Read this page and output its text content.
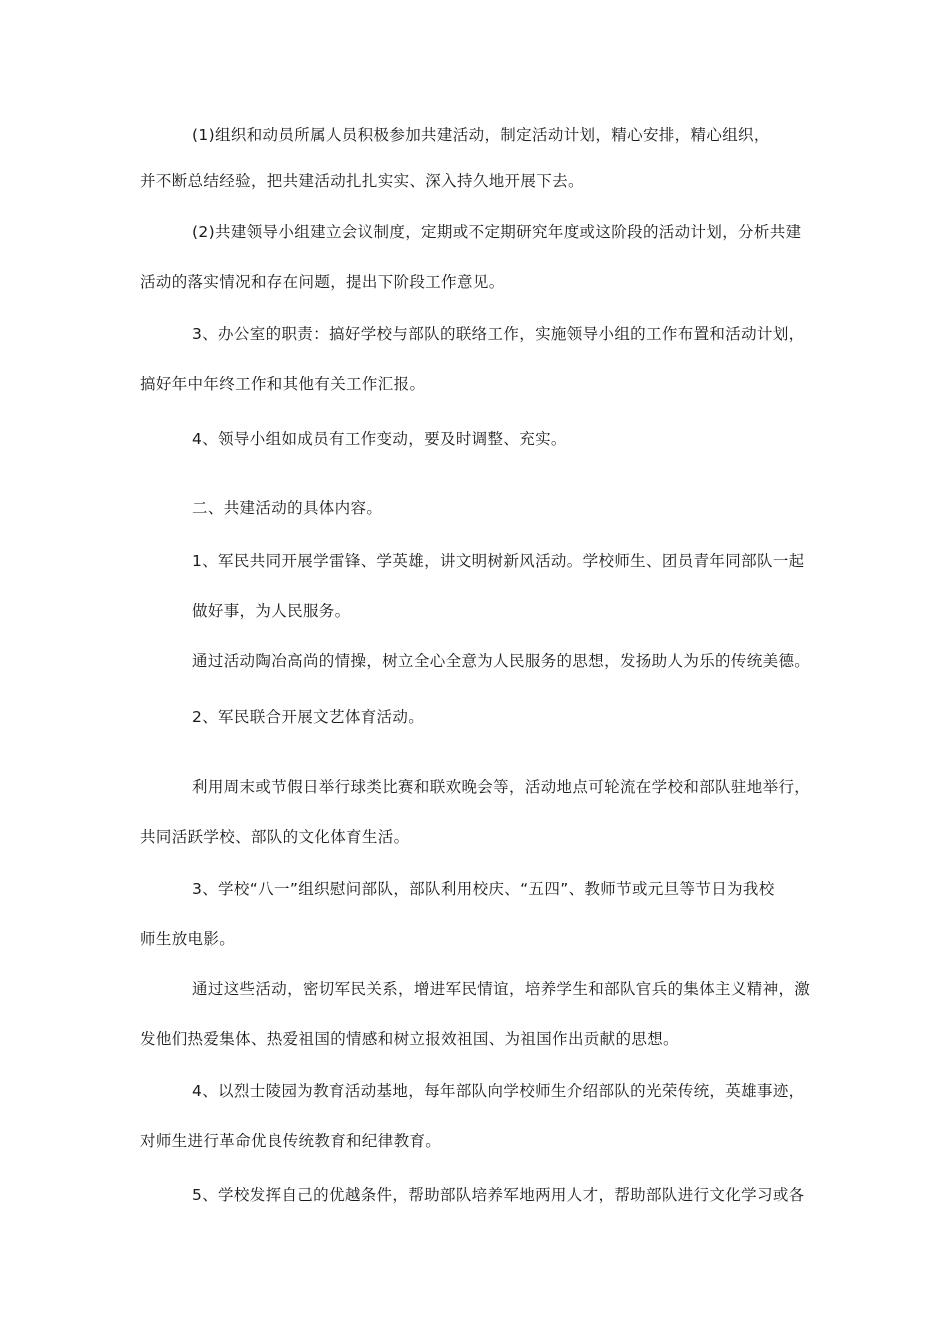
(1)组织和动员所属人员积极参加共建活动，制定活动计划，精心安排，精心组织，
并不断总结经验，把共建活动扎扎实实、深入持久地开展下去。
(2)共建领导小组建立会议制度，定期或不定期研究年度或这阶段的活动计划，分析共建
活动的落实情况和存在问题，提出下阶段工作意见。
3、办公室的职责：搞好学校与部队的联络工作，实施领导小组的工作布置和活动计划，
搞好年中年终工作和其他有关工作汇报。
4、领导小组如成员有工作变动，要及时调整、充实。
二、共建活动的具体内容。
1、军民共同开展学雷锋、学英雄，讲文明树新风活动。学校师生、团员青年同部队一起
做好事，为人民服务。
通过活动陶冶高尚的情操，树立全心全意为人民服务的思想，发扬助人为乐的传统美德。
2、军民联合开展文艺体育活动。
利用周末或节假日举行球类比赛和联欢晚会等，活动地点可轮流在学校和部队驻地举行，
共同活跃学校、部队的文化体育生活。
3、学校“八一”组织慰问部队，部队利用校庆、“五四”、教师节或元旦等节日为我校
师生放电影。
通过这些活动，密切军民关系，增进军民情谊，培养学生和部队官兵的集体主义精神，激
发他们热爱集体、热爱祖国的情感和树立报效祖国、为祖国作出贡献的思想。
4、以烈士陵园为教育活动基地，每年部队向学校师生介绍部队的光荣传统，英雄事迹，
对师生进行革命优良传统教育和纪律教育。
5、学校发挥自己的优越条件，帮助部队培养军地两用人才，帮助部队进行文化学习或各
